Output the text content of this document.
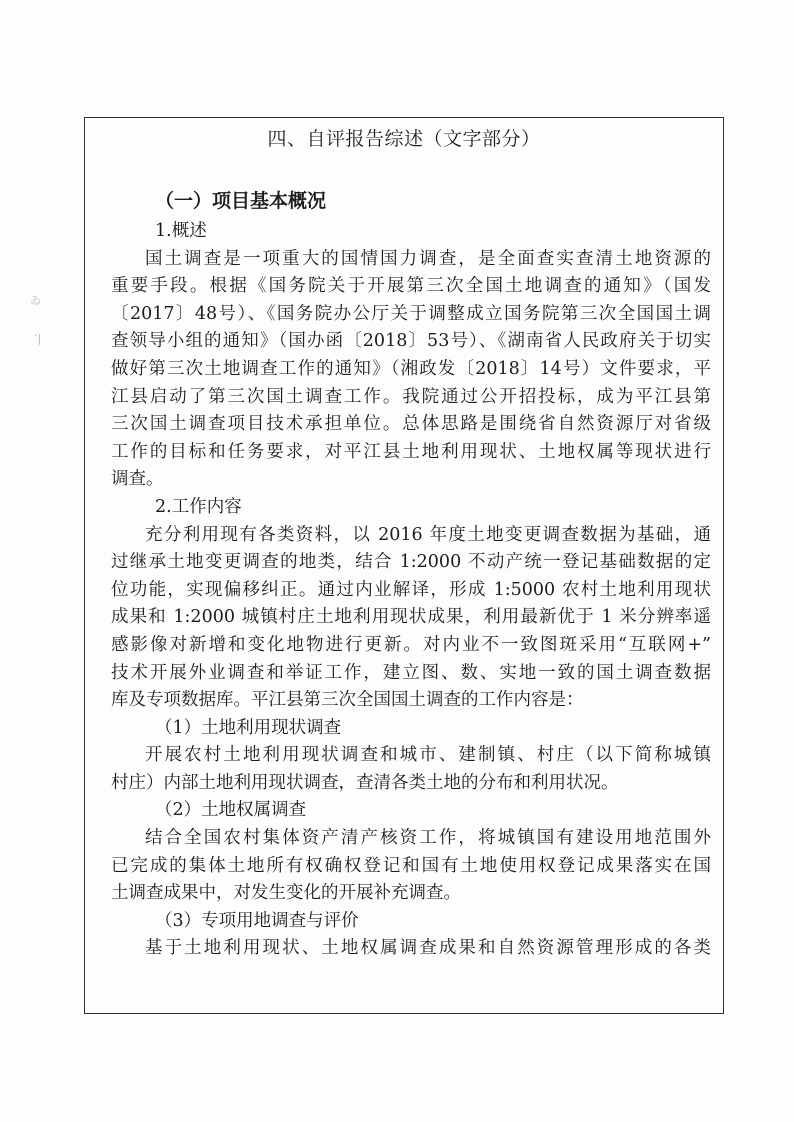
ゐ
ʼ|
四、自评报告综述（文字部分）
（一）项目基本概况
1.概述
国土调查是一项重大的国情国力调查，是全面查实查清土地资源的
重要手段。根据《国务院关于开展第三次全国土地调查的通知》（国发
〔2017〕48号）、《国务院办公厅关于调整成立国务院第三次全国国土调
查领导小组的通知》（国办函〔2018〕53号）、《湖南省人民政府关于切实
做好第三次土地调查工作的通知》（湘政发〔2018〕14号）文件要求，平
江县启动了第三次国土调查工作。我院通过公开招投标，成为平江县第
三次国土调查项目技术承担单位。总体思路是围绕省自然资源厅对省级
工作的目标和任务要求，对平江县土地利用现状、土地权属等现状进行
调查。
2.工作内容
充分利用现有各类资料，以 2016 年度土地变更调查数据为基础，通
过继承土地变更调查的地类，结合 1:2000 不动产统一登记基础数据的定
位功能，实现偏移纠正。通过内业解译，形成 1:5000 农村土地利用现状
成果和 1:2000 城镇村庄土地利用现状成果，利用最新优于 1 米分辨率遥
感影像对新增和变化地物进行更新。对内业不一致图斑采用“互联网+”
技术开展外业调查和举证工作，建立图、数、实地一致的国土调查数据
库及专项数据库。平江县第三次全国国土调查的工作内容是：
（1）土地利用现状调查
开展农村土地利用现状调查和城市、建制镇、村庄（以下简称城镇
村庄）内部土地利用现状调查，查清各类土地的分布和利用状况。
（2）土地权属调查
结合全国农村集体资产清产核资工作，将城镇国有建设用地范围外
已完成的集体土地所有权确权登记和国有土地使用权登记成果落实在国
土调查成果中，对发生变化的开展补充调查。
（3）专项用地调查与评价
基于土地利用现状、土地权属调查成果和自然资源管理形成的各类
